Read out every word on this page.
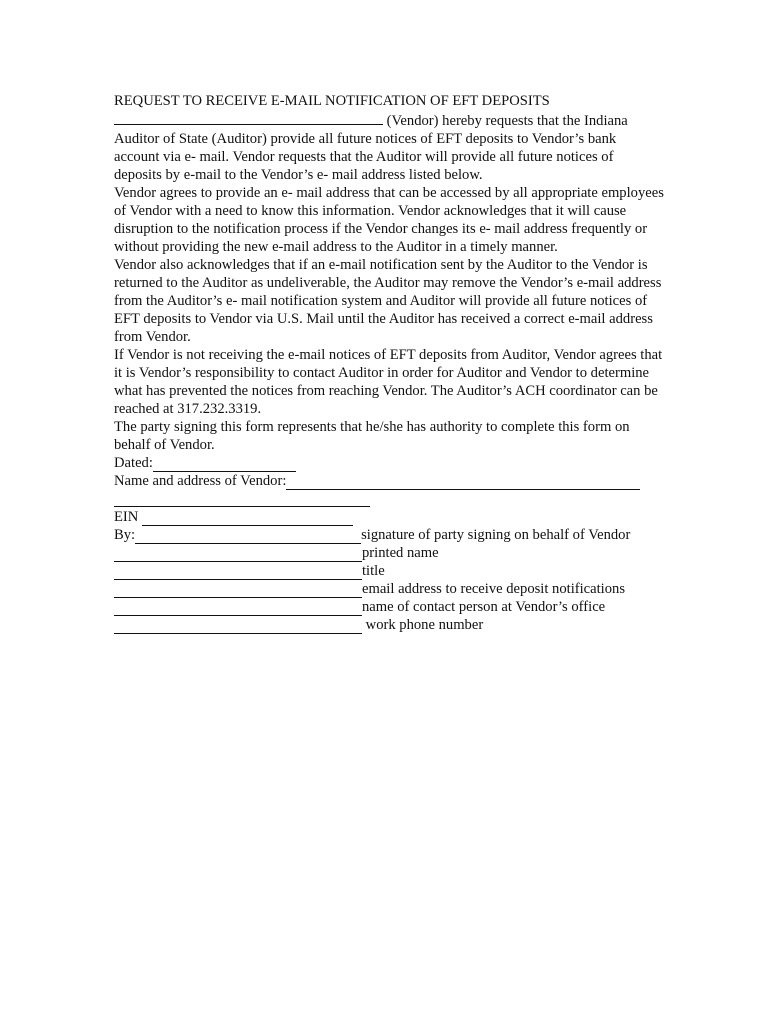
REQUEST TO RECEIVE E-MAIL NOTIFICATION OF EFT DEPOSITS

(Vendor) hereby requests that the Indiana Auditor of State (Auditor) provide all future notices of EFT deposits to Vendor’s bank account via e- mail. Vendor requests that the Auditor will provide all future notices of deposits by e-mail to the Vendor’s e- mail address listed below.

Vendor agrees to provide an e- mail address that can be accessed by all appropriate employees of Vendor with a need to know this information. Vendor acknowledges that it will cause disruption to the notification process if the Vendor changes its e- mail address frequently or without providing the new e-mail address to the Auditor in a timely manner.

Vendor also acknowledges that if an e-mail notification sent by the Auditor to the Vendor is returned to the Auditor as undeliverable, the Auditor may remove the Vendor’s e-mail address from the Auditor’s e- mail notification system and Auditor will provide all future notices of EFT deposits to Vendor via U.S. Mail until the Auditor has received a correct e-mail address from Vendor.

If Vendor is not receiving the e-mail notices of EFT deposits from Auditor, Vendor agrees that it is Vendor’s responsibility to contact Auditor in order for Auditor and Vendor to determine what has prevented the notices from reaching Vendor. The Auditor’s ACH coordinator can be reached at 317.232.3319.

The party signing this form represents that he/she has authority to complete this form on behalf of Vendor.

Dated:
Name and address of Vendor:
EIN
By:	signature of party signing on behalf of Vendor
printed name
title
email address to receive deposit notifications
name of contact person at Vendor’s office
work phone number
